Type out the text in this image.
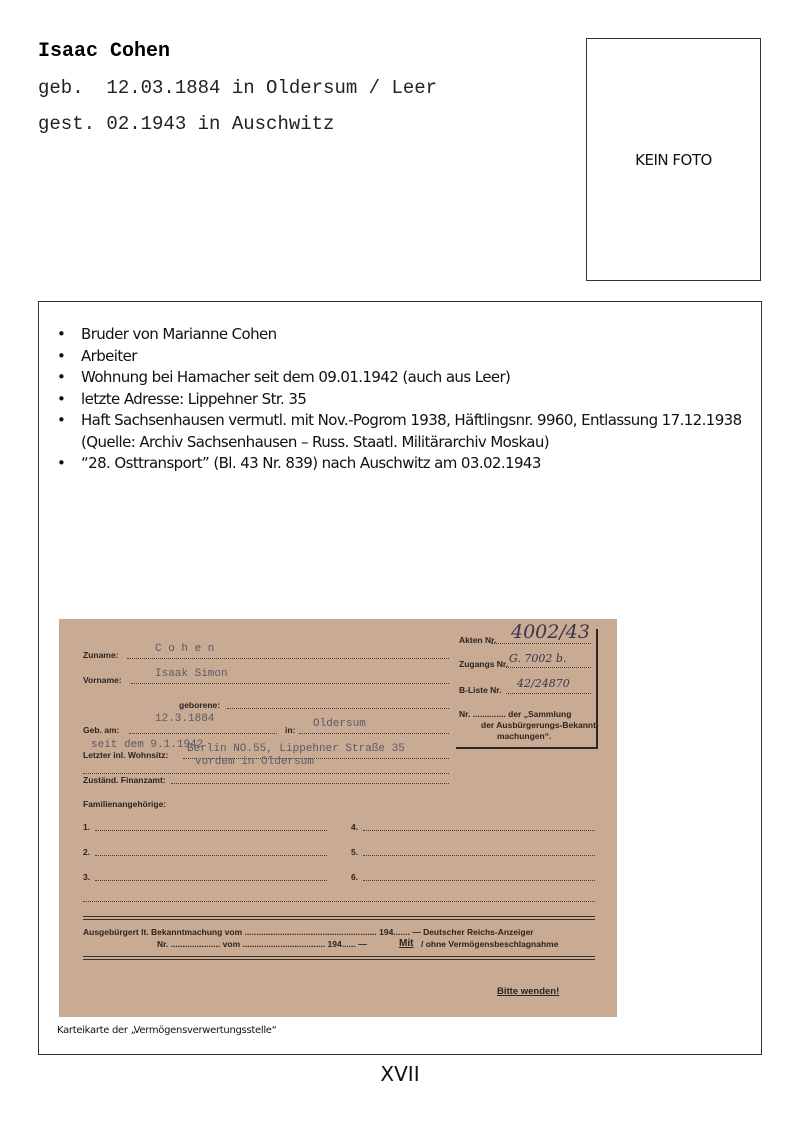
Isaac Cohen
geb.  12.03.1884 in Oldersum / Leer
gest. 02.1943 in Auschwitz
KEIN FOTO
• Bruder von Marianne Cohen
• Arbeiter
• Wohnung bei Hamacher seit dem 09.01.1942 (auch aus Leer)
• letzte Adresse: Lippehner Str. 35
• Haft Sachsenhausen vermutl. mit Nov.-Pogrom 1938, Häftlingsnr. 9960, Entlassung 17.12.1938
(Quelle: Archiv Sachsenhausen – Russ. Staatl. Militärarchiv Moskau)
• “28. Osttransport” (Bl. 43 Nr. 839) nach Auschwitz am 03.02.1943
Akten Nr. 4002/43
Zugangs Nr. G. 7002 b.
B-Liste Nr. 42/24870
Nr. .............. der „Sammlung
der Ausbürgerungs-Bekannt-
machungen“.
Zuname:	C o h e n
Vorname:	Isaak Simon
geborene:
Geb. am:
12.3.1884
in: Oldersum
seit dem 9.1.1942
Letzter inl. Wohnsitz: Berlin NO.55, Lippehner Straße 35
vordem in Oldersum
Zuständ. Finanzamt:
Familienangehörige:
1.	4.
2.	5.
3.	6.
Ausgebürgert lt. Bekanntmachung vom ........................................................ 194....... — Deutscher Reichs-Anzeiger
Nr. ..................... vom ................................... 194...... —	Mit / ohne Vermögensbeschlagnahme
Bitte wenden!
Karteikarte der „Vermögensverwertungsstelle“
XVII
